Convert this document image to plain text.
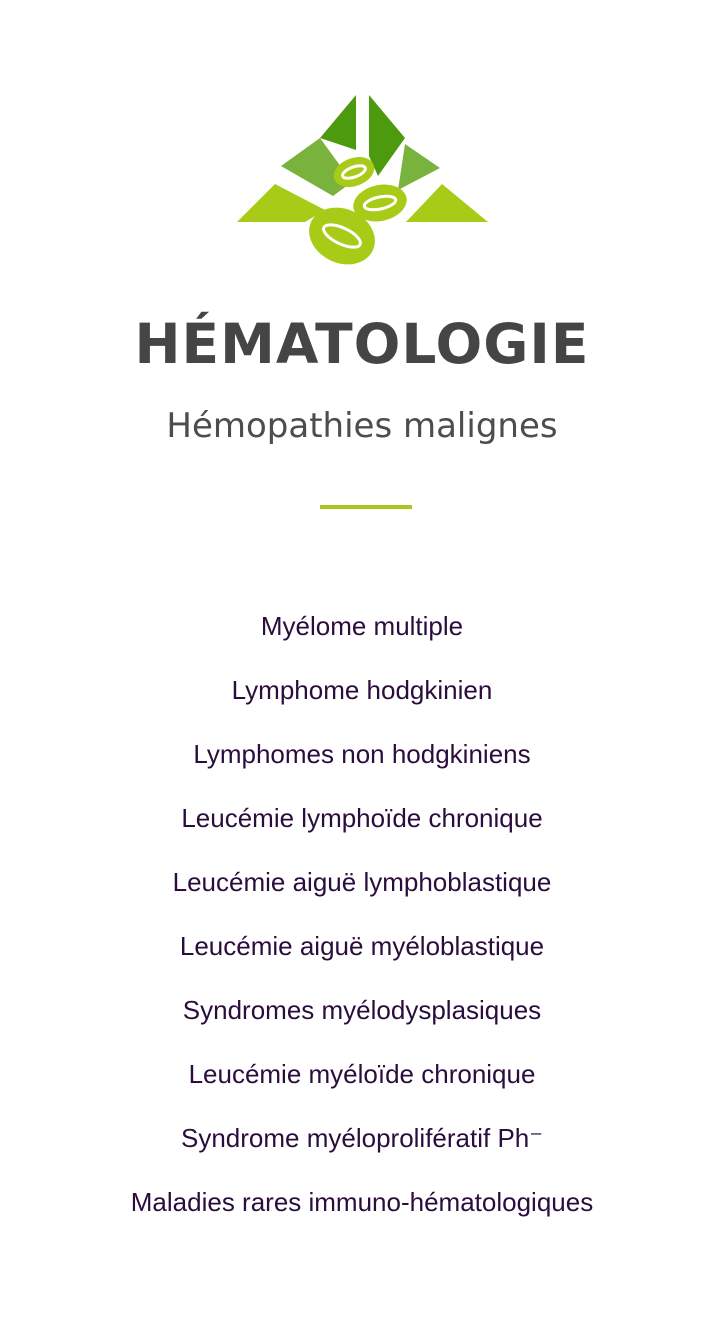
HÉMATOLOGIE
Hémopathies malignes
Myélome multiple
Lymphome hodgkinien
Lymphomes non hodgkiniens
Leucémie lymphoïde chronique
Leucémie aiguë lymphoblastique
Leucémie aiguë myéloblastique
Syndromes myélodysplasiques
Leucémie myéloïde chronique
Syndrome myéloprolifératif Ph⁻
Maladies rares immuno-hématologiques
